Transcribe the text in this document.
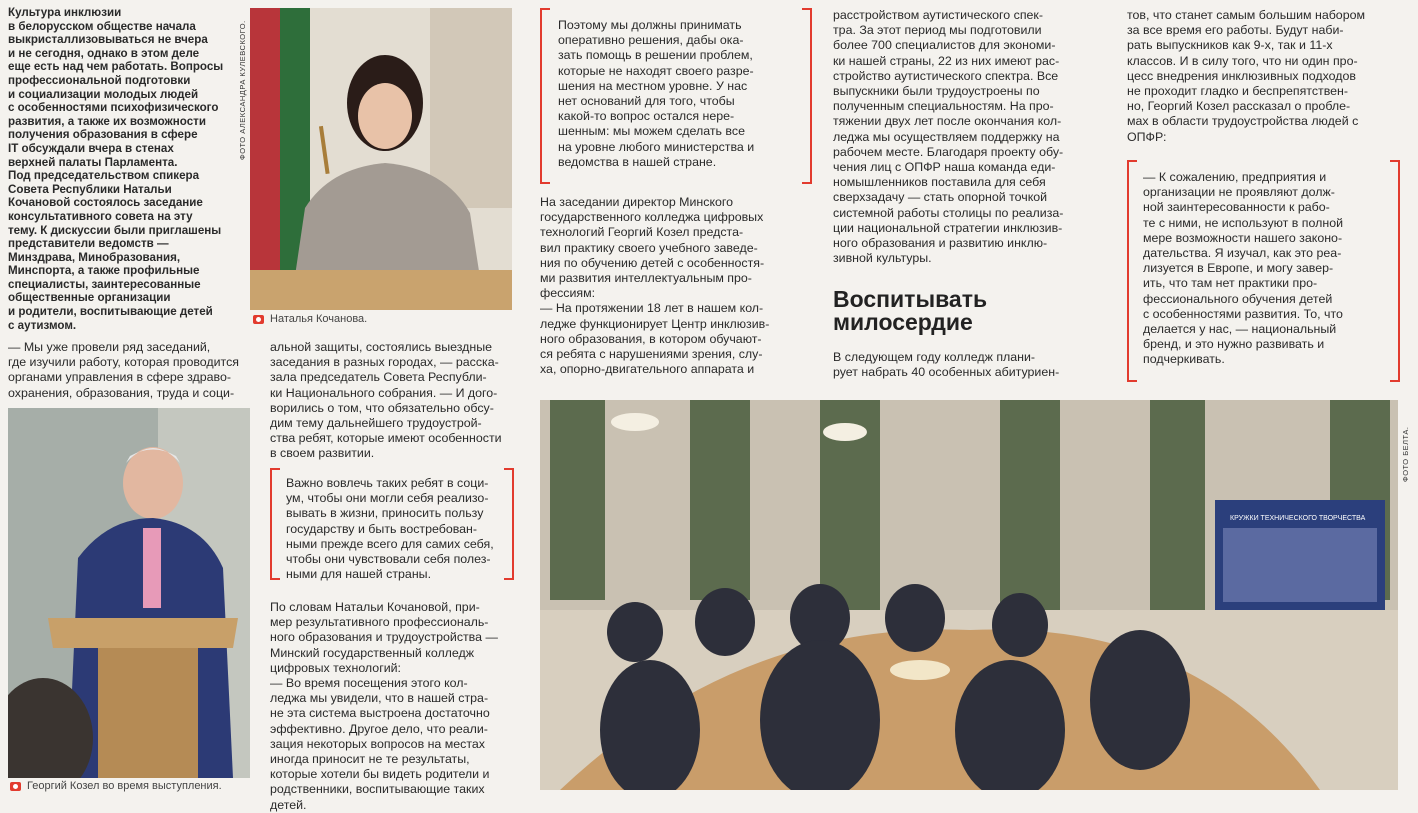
Культура инклюзии
в белорусском обществе начала
выкристаллизовываться не вчера
и не сегодня, однако в этом деле
еще есть над чем работать. Вопросы
профессиональной подготовки
и социализации молодых людей
с особенностями психофизического
развития, а также их возможности
получения образования в сфере
IT обсуждали вчера в стенах
верхней палаты Парламента.
Под председательством спикера
Совета Республики Натальи
Кочановой состоялось заседание
консультативного совета на эту
тему. К дискуссии были приглашены
представители ведомств —
Минздрава, Минобразования,
Минспорта, а также профильные
специалисты, заинтересованные
общественные организации
и родители, воспитывающие детей
с аутизмом.
— Мы уже провели ряд заседаний,
где изучили работу, которая проводится
органами управления в сфере здраво-
охранения, образования, труда и соци-
ФОТО АЛЕКСАНДРА КУЛЕВСКОГО.
Наталья Кочанова.
Георгий Козел во время выступления.
альной защиты, состоялись выездные
заседания в разных городах, — расска-
зала председатель Совета Республи-
ки Национального собрания. — И дого-
ворились о том, что обязательно обсу-
дим тему дальнейшего трудоустрой-
ства ребят, которые имеют особенности
в своем развитии.
Важно вовлечь таких ребят в соци-
ум, чтобы они могли себя реализо-
вывать в жизни, приносить пользу
государству и быть востребован-
ными прежде всего для самих себя,
чтобы они чувствовали себя полез-
ными для нашей страны.
По словам Натальи Кочановой, при-
мер результативного профессиональ-
ного образования и трудоустройства —
Минский государственный колледж
цифровых технологий:
— Во время посещения этого кол-
леджа мы увидели, что в нашей стра-
не эта система выстроена достаточно
эффективно. Другое дело, что реали-
зация некоторых вопросов на местах
иногда приносит не те результаты,
которые хотели бы видеть родители и
родственники, воспитывающие таких
детей.
Поэтому мы должны принимать
оперативно решения, дабы ока-
зать помощь в решении проблем,
которые не находят своего разре-
шения на местном уровне. У нас
нет оснований для того, чтобы
какой-то вопрос остался нере-
шенным: мы можем сделать все
на уровне любого министерства и
ведомства в нашей стране.
На заседании директор Минского
государственного колледжа цифровых
технологий Георгий Козел предста-
вил практику своего учебного заведе-
ния по обучению детей с особенностя-
ми развития интеллектуальным про-
фессиям:
— На протяжении 18 лет в нашем кол-
ледже функционирует Центр инклюзив-
ного образования, в котором обучают-
ся ребята с нарушениями зрения, слу-
ха, опорно-двигательного аппарата и
расстройством аутистического спек-
тра. За этот период мы подготовили
более 700 специалистов для экономи-
ки нашей страны, 22 из них имеют рас-
стройство аутистического спектра. Все
выпускники были трудоустроены по
полученным специальностям. На про-
тяжении двух лет после окончания кол-
леджа мы осуществляем поддержку на
рабочем месте. Благодаря проекту обу-
чения лиц с ОПФР наша команда еди-
номышленников поставила для себя
сверхзадачу — стать опорной точкой
системной работы столицы по реализа-
ции национальной стратегии инклюзив-
ного образования и развитию инклю-
зивной культуры.
Воспитывать
милосердие
В следующем году колледж плани-
рует набрать 40 особенных абитуриен-
тов, что станет самым большим набором
за все время его работы. Будут наби-
рать выпускников как 9-х, так и 11-х
классов. И в силу того, что ни один про-
цесс внедрения инклюзивных подходов
не проходит гладко и беспрепятствен-
но, Георгий Козел рассказал о пробле-
мах в области трудоустройства людей с
ОПФР:
— К сожалению, предприятия и
организации не проявляют долж-
ной заинтересованности к рабо-
те с ними, не используют в полной
мере возможности нашего законо-
дательства. Я изучал, как это реа-
лизуется в Европе, и могу завер-
ить, что там нет практики про-
фессионального обучения детей
с особенностями развития. То, что
делается у нас, — национальный
бренд, и это нужно развивать и
подчеркивать.
КРУЖКИ ТЕХНИЧЕСКОГО ТВОРЧЕСТВА
ФОТО БЕЛТА.
